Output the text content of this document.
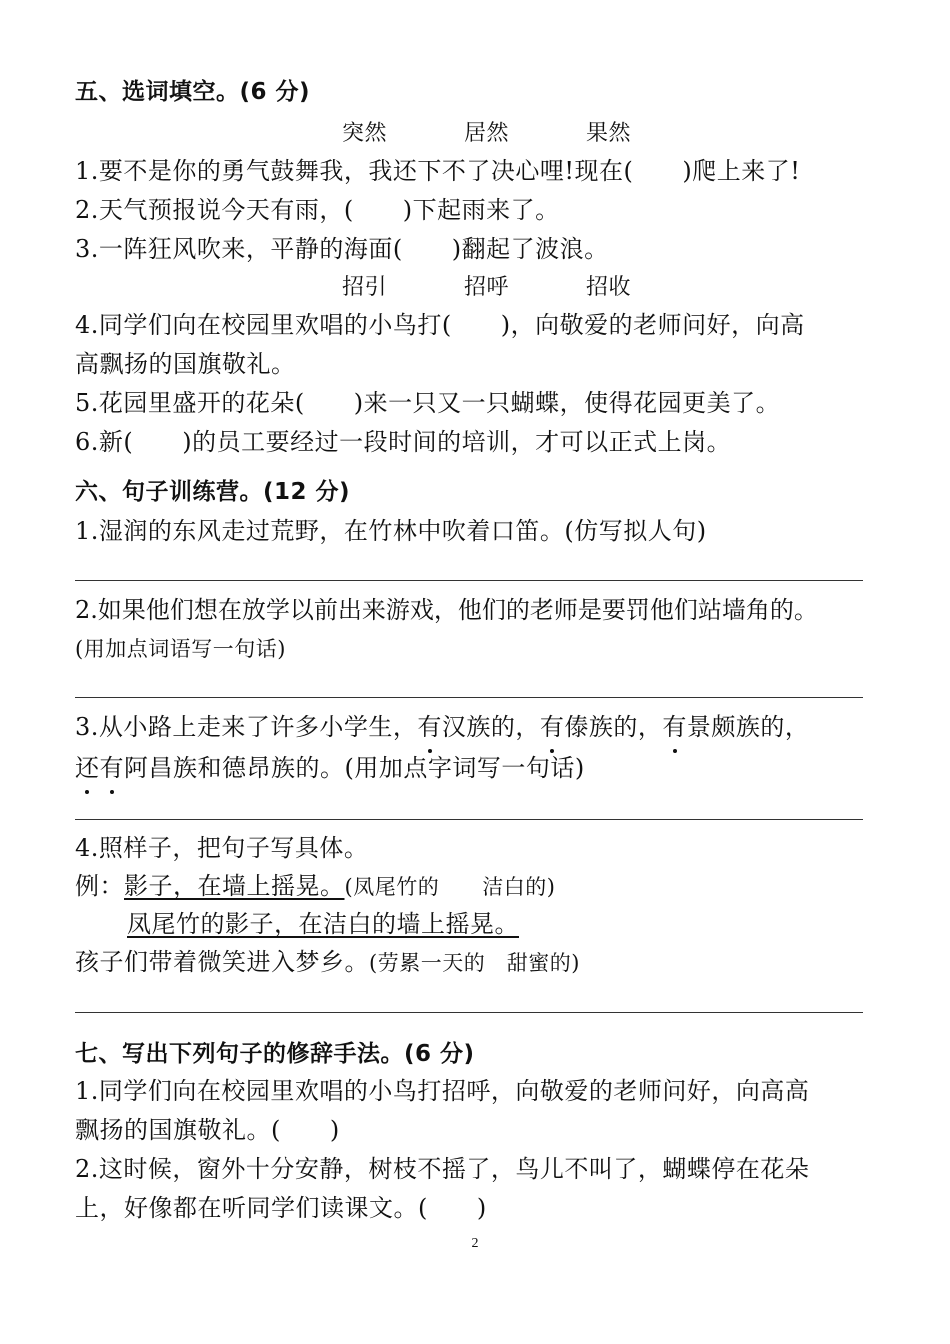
五、选词填空。(6 分)
突然	居然	果然
1.要不是你的勇气鼓舞我，我还下不了决心哩!现在(　　)爬上来了!
2.天气预报说今天有雨，(　　)下起雨来了。
3.一阵狂风吹来，平静的海面(　　)翻起了波浪。
招引	招呼	招收
4.同学们向在校园里欢唱的小鸟打(　　)，向敬爱的老师问好，向高
高飘扬的国旗敬礼。
5.花园里盛开的花朵(　　)来一只又一只蝴蝶，使得花园更美了。
6.新(　　)的员工要经过一段时间的培训，才可以正式上岗。
六、句子训练营。(12 分)
1.湿润的东风走过荒野，在竹林中吹着口笛。(仿写拟人句)
2.如果他们想在放学以前出来游戏，他们的老师是要罚他们站墙角的。
(用加点词语写一句话)
3.从小路上走来了许多小学生，有汉族的，有傣族的，有景颇族的，
还有阿昌族和德昂族的。(用加点字词写一句话)
4.照样子，把句子写具体。
例：影子，在墙上摇晃。(凤尾竹的　　洁白的)
凤尾竹的影子，在洁白的墙上摇晃。
孩子们带着微笑进入梦乡。(劳累一天的　甜蜜的)
七、写出下列句子的修辞手法。(6 分)
1.同学们向在校园里欢唱的小鸟打招呼，向敬爱的老师问好，向高高
飘扬的国旗敬礼。(　　)
2.这时候，窗外十分安静，树枝不摇了，鸟儿不叫了，蝴蝶停在花朵
上，好像都在听同学们读课文。(　　)
2
